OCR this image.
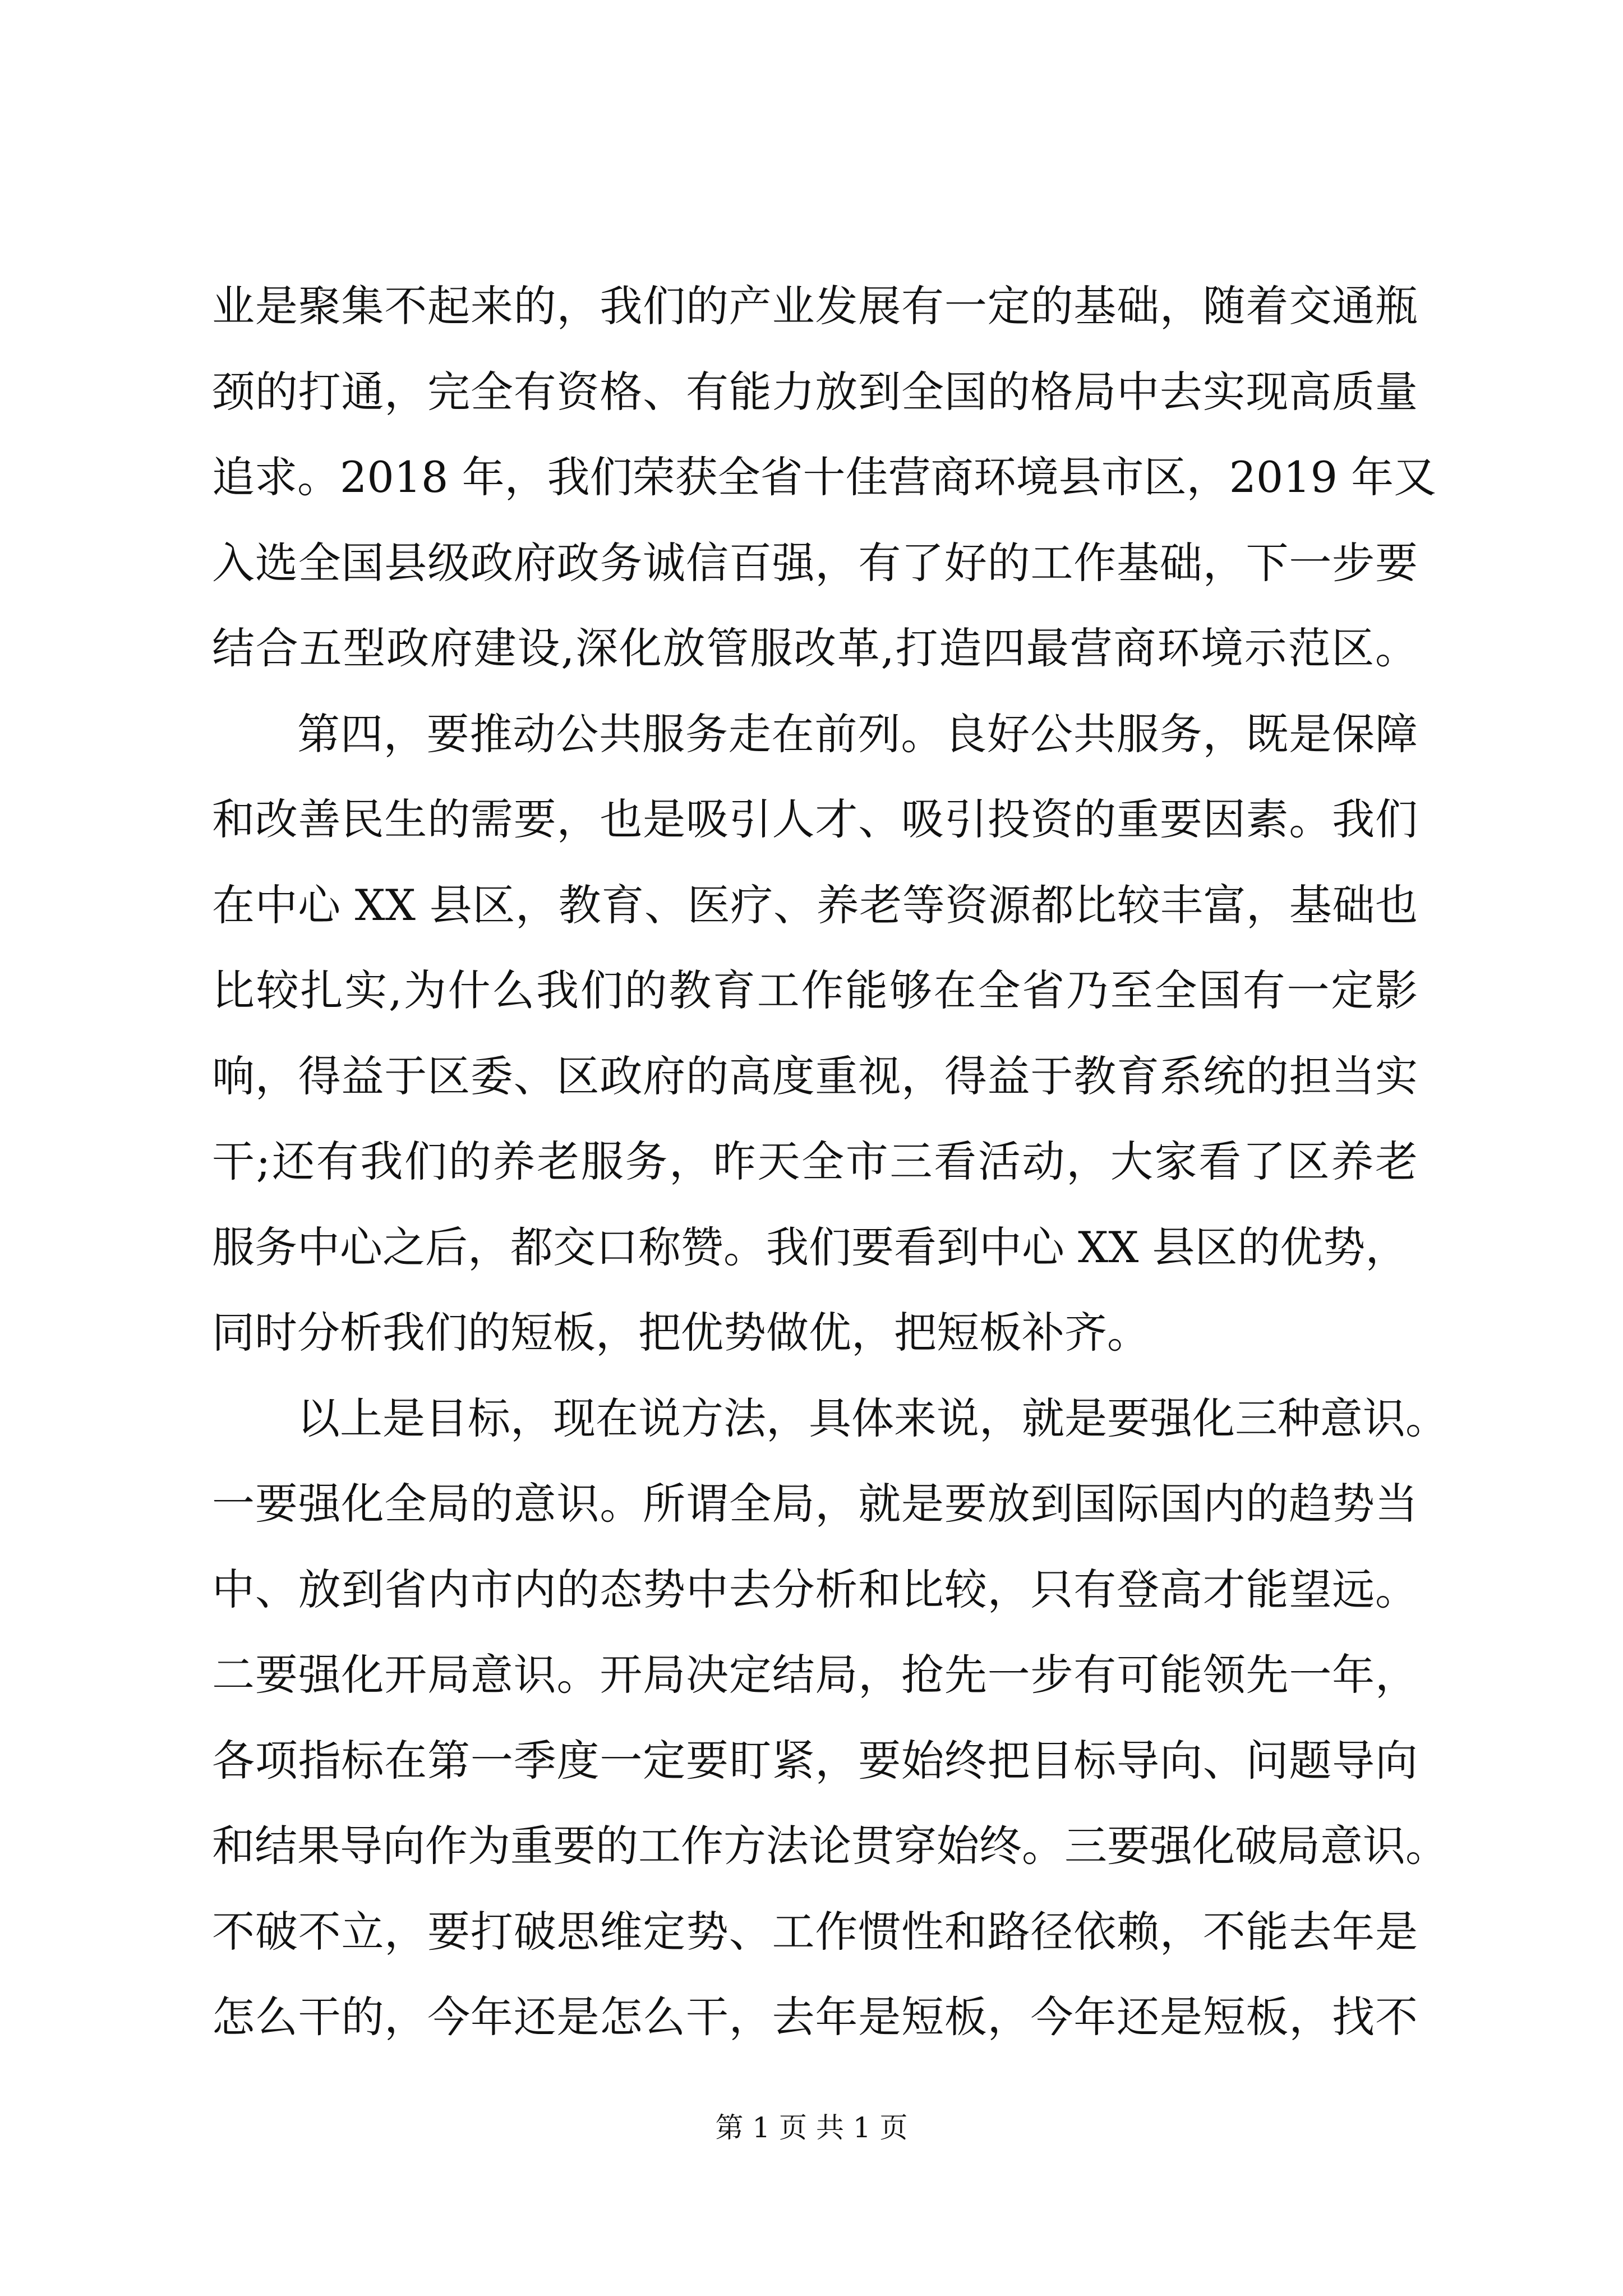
业是聚集不起来的，我们的产业发展有一定的基础，随着交通瓶
颈的打通，完全有资格、有能力放到全国的格局中去实现高质量
追求。2018 年，我们荣获全省十佳营商环境县市区，2019 年又
入选全国县级政府政务诚信百强，有了好的工作基础，下一步要
结合五型政府建设,深化放管服改革,打造四最营商环境示范区。
第四，要推动公共服务走在前列。良好公共服务，既是保障
和改善民生的需要，也是吸引人才、吸引投资的重要因素。我们
在中心 XX 县区，教育、医疗、养老等资源都比较丰富，基础也
比较扎实,为什么我们的教育工作能够在全省乃至全国有一定影
响，得益于区委、区政府的高度重视，得益于教育系统的担当实
干;还有我们的养老服务，昨天全市三看活动，大家看了区养老
服务中心之后，都交口称赞。我们要看到中心 XX 县区的优势，
同时分析我们的短板，把优势做优，把短板补齐。
以上是目标，现在说方法，具体来说，就是要强化三种意识。
一要强化全局的意识。所谓全局，就是要放到国际国内的趋势当
中、放到省内市内的态势中去分析和比较，只有登高才能望远。
二要强化开局意识。开局决定结局，抢先一步有可能领先一年，
各项指标在第一季度一定要盯紧，要始终把目标导向、问题导向
和结果导向作为重要的工作方法论贯穿始终。三要强化破局意识。
不破不立，要打破思维定势、工作惯性和路径依赖，不能去年是
怎么干的，今年还是怎么干，去年是短板，今年还是短板，找不
第 1 页 共 1 页
